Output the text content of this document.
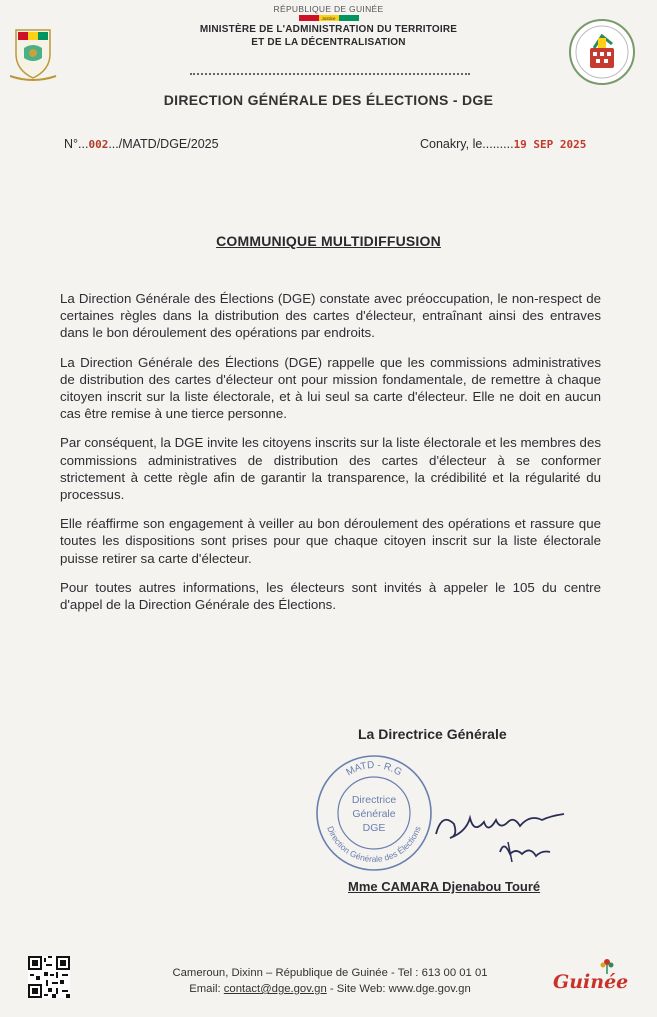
RÉPUBLIQUE DE GUINÉE
Justice
MINISTÈRE DE L'ADMINISTRATION DU TERRITOIRE
ET DE LA DÉCENTRALISATION
DIRECTION GÉNÉRALE DES ÉLECTIONS - DGE
N°...002.../MATD/DGE/2025	Conakry, le.........19 SEP 2025
COMMUNIQUE MULTIDIFFUSION

La Direction Générale des Élections (DGE) constate avec préoccupation, le non-respect de certaines règles dans la distribution des cartes d'électeur, entraînant ainsi des entraves dans le bon déroulement des opérations par endroits.

La Direction Générale des Élections (DGE) rappelle que les commissions administratives de distribution des cartes d'électeur ont pour mission fondamentale, de remettre à chaque citoyen inscrit sur la liste électorale, et à lui seul sa carte d'électeur. Elle ne doit en aucun cas être remise à une tierce personne.

Par conséquent, la DGE invite les citoyens inscrits sur la liste électorale et les membres des commissions administratives de distribution des cartes d'électeur à se conformer strictement à cette règle afin de garantir la transparence, la crédibilité et la régularité du processus.

Elle réaffirme son engagement à veiller au bon déroulement des opérations et rassure que toutes les dispositions sont prises pour que chaque citoyen inscrit sur la liste électorale puisse retirer sa carte d'électeur.

Pour toutes autres informations, les électeurs sont invités à appeler le 105 du centre d'appel de la Direction Générale des Élections.

La Directrice Générale
MATD - R.G
Direction Générale des Élections
Directrice
Générale
DGE
Mme CAMARA Djenabou Touré
Cameroun, Dixinn – République de Guinée - Tel : 613 00 01 01
Email: contact@dge.gov.gn - Site Web: www.dge.gov.gn	Guinée
